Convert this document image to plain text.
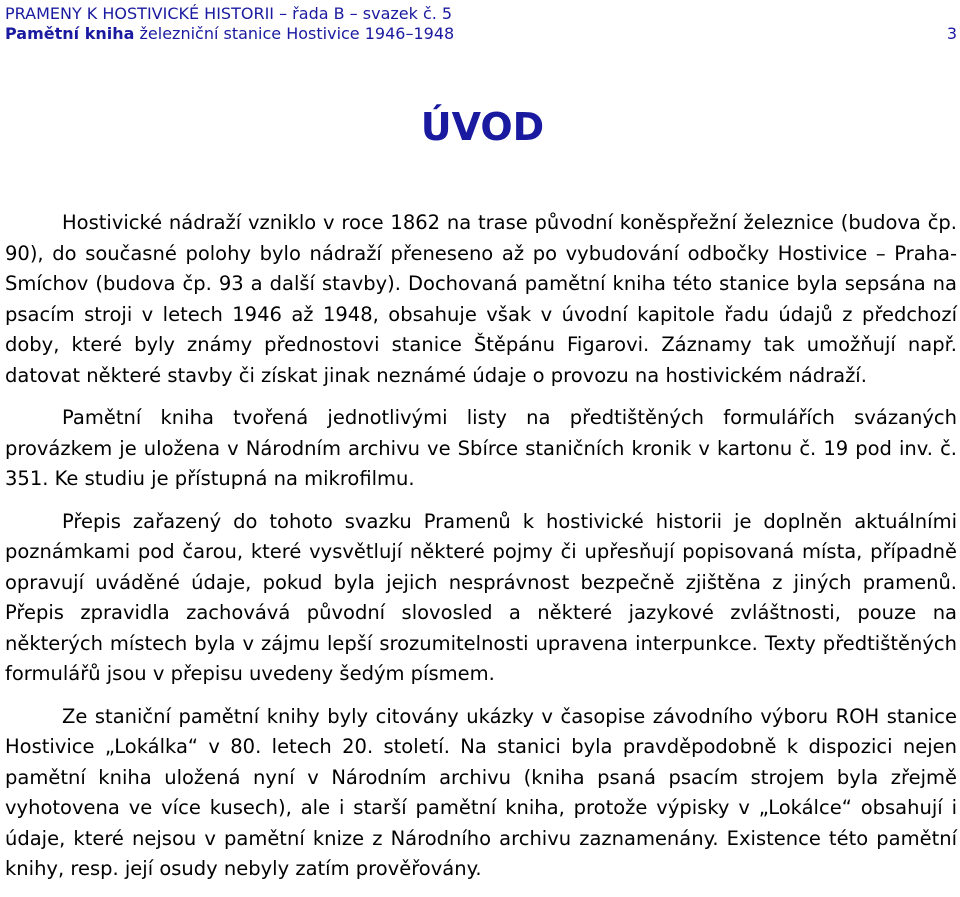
PRAMENY K HOSTIVICKÉ HISTORII – řada B – svazek č. 5
Pamětní kniha železniční stanice Hostivice 1946–1948	3
ÚVOD

Hostivické nádraží vzniklo v roce 1862 na trase původní koněspřežní železnice (budova čp. 90), do současné polohy bylo nádraží přeneseno až po vybudování odbočky Hostivice – Praha-Smíchov (budova čp. 93 a další stavby). Dochovaná pamětní kniha této stanice byla sepsána na psacím stroji v letech 1946 až 1948, obsahuje však v úvodní kapitole řadu údajů z předchozí doby, které byly známy přednostovi stanice Štěpánu Figarovi. Záznamy tak umožňují např. datovat některé stavby či získat jinak neznámé údaje o provozu na hostivickém nádraží.

Pamětní kniha tvořená jednotlivými listy na předtištěných formulářích svázaných provázkem je uložena v Národním archivu ve Sbírce staničních kronik v kartonu č. 19 pod inv. č. 351. Ke studiu je přístupná na mikrofilmu.

Přepis zařazený do tohoto svazku Pramenů k hostivické historii je doplněn aktuálními poznámkami pod čarou, které vysvětlují některé pojmy či upřesňují popisovaná místa, případně opravují uváděné údaje, pokud byla jejich nesprávnost bezpečně zjištěna z jiných pramenů. Přepis zpravidla zachovává původní slovosled a některé jazykové zvláštnosti, pouze na některých místech byla v zájmu lepší srozumitelnosti upravena interpunkce. Texty předtištěných formulářů jsou v přepisu uvedeny šedým písmem.

Ze staniční pamětní knihy byly citovány ukázky v časopise závodního výboru ROH stanice Hostivice „Lokálka“ v 80. letech 20. století. Na stanici byla pravděpodobně k dispozici nejen pamětní kniha uložená nyní v Národním archivu (kniha psaná psacím strojem byla zřejmě vyhotovena ve více kusech), ale i starší pamětní kniha, protože výpisky v „Lokálce“ obsahují i údaje, které nejsou v pamětní knize z Národního archivu zaznamenány. Existence této pamětní knihy, resp. její osudy nebyly zatím prověřovány.
